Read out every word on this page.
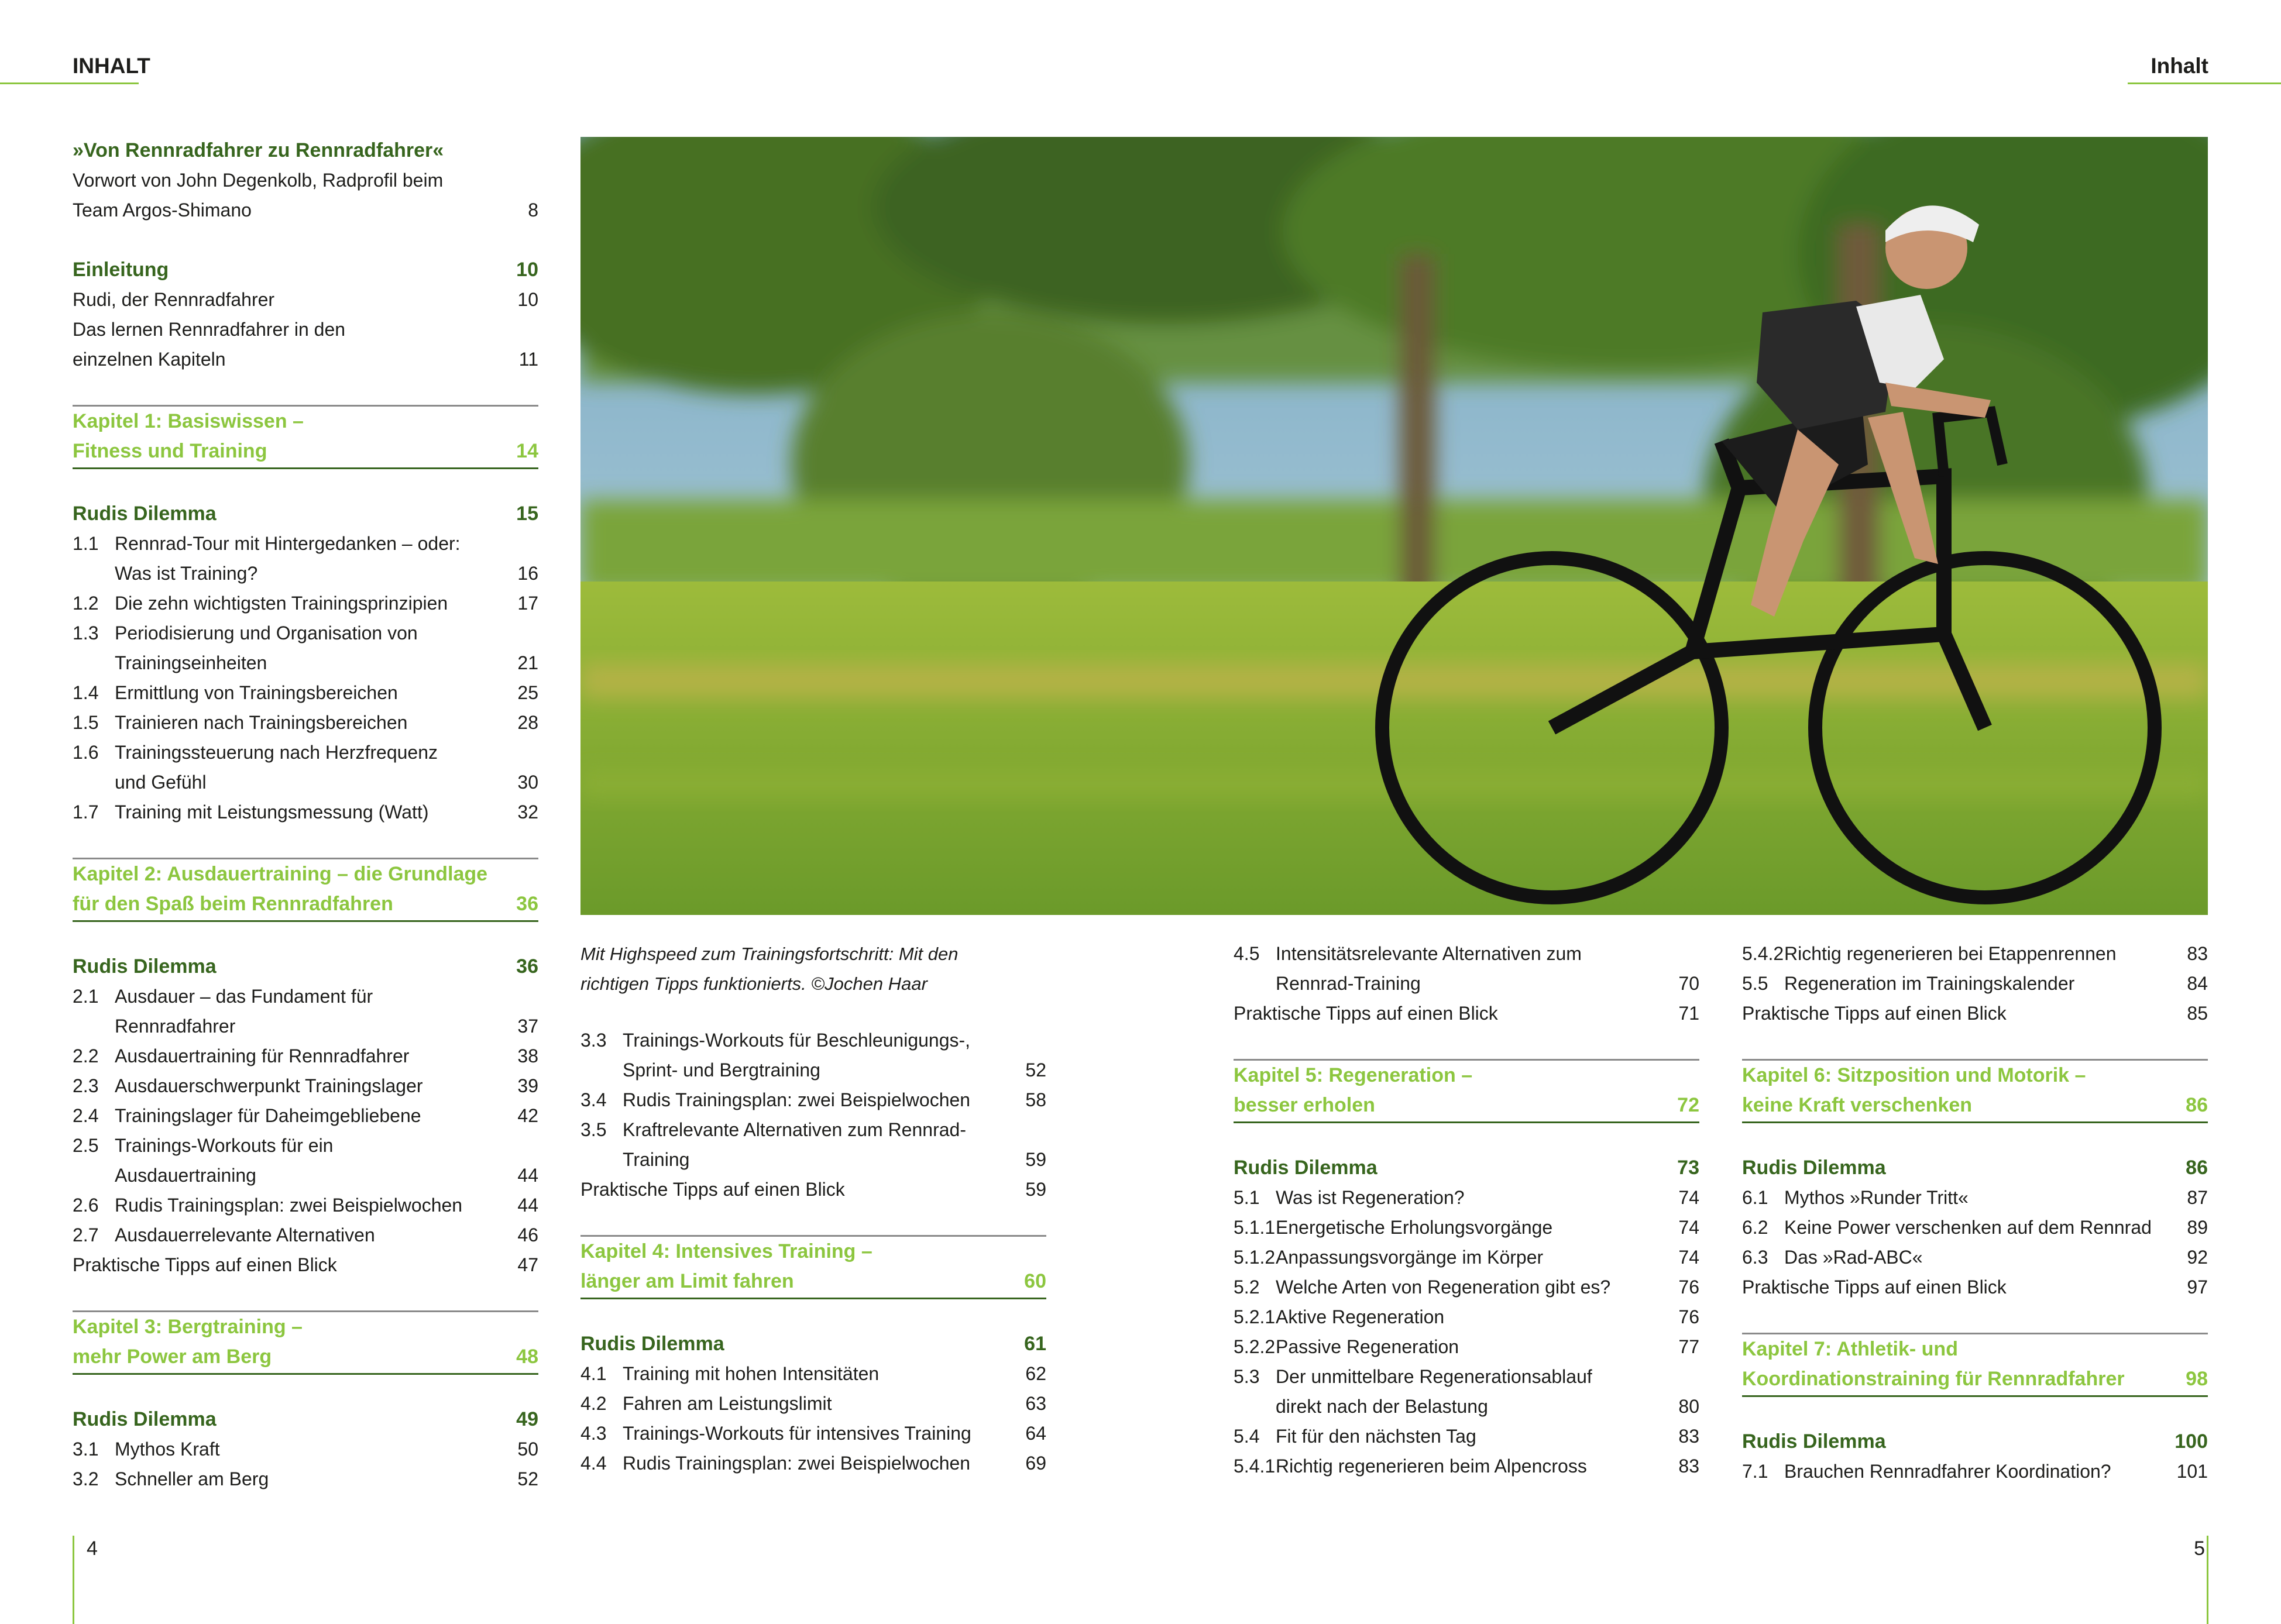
INHALT	Inhalt
»Von Rennradfahrer zu Rennradfahrer«
Vorwort von John Degenkolb, Radprofil beim
Team Argos-Shimano	8
Einleitung	10
Rudi, der Rennradfahrer	10
Das lernen Rennradfahrer in den
einzelnen Kapiteln	11
Kapitel 1: Basiswissen –
Fitness und Training	14
Rudis Dilemma	15
1.1 Rennrad-Tour mit Hintergedanken – oder:
Was ist Training?	16
1.2 Die zehn wichtigsten Trainingsprinzipien	17
1.3 Periodisierung und Organisation von
Trainingseinheiten	21
1.4 Ermittlung von Trainingsbereichen	25
1.5 Trainieren nach Trainingsbereichen	28
1.6 Trainingssteuerung nach Herzfrequenz
und Gefühl	30
1.7 Training mit Leistungsmessung (Watt)	32
Kapitel 2: Ausdauertraining – die Grundlage
für den Spaß beim Rennradfahren	36
Rudis Dilemma	36
2.1 Ausdauer – das Fundament für
Rennradfahrer	37
2.2 Ausdauertraining für Rennradfahrer	38
2.3 Ausdauerschwerpunkt Trainingslager	39
2.4 Trainingslager für Daheimgebliebene	42
2.5 Trainings-Workouts für ein
Ausdauertraining	44
2.6 Rudis Trainingsplan: zwei Beispielwochen	44
2.7 Ausdauerrelevante Alternativen	46
Praktische Tipps auf einen Blick	47
Kapitel 3: Bergtraining –
mehr Power am Berg	48
Rudis Dilemma	49
3.1 Mythos Kraft	50
3.2 Schneller am Berg	52
Mit Highspeed zum Trainingsfortschritt: Mit den
richtigen Tipps funktionierts. ©Jochen Haar
3.3 Trainings-Workouts für Beschleunigungs-,
Sprint- und Bergtraining	52
3.4 Rudis Trainingsplan: zwei Beispielwochen	58
3.5 Kraftrelevante Alternativen zum Rennrad-
Training	59
Praktische Tipps auf einen Blick	59
Kapitel 4: Intensives Training –
länger am Limit fahren	60
Rudis Dilemma	61
4.1 Training mit hohen Intensitäten	62
4.2 Fahren am Leistungslimit	63
4.3 Trainings-Workouts für intensives Training	64
4.4 Rudis Trainingsplan: zwei Beispielwochen	69
4.5 Intensitätsrelevante Alternativen zum
Rennrad-Training	70
Praktische Tipps auf einen Blick	71
Kapitel 5: Regeneration –
besser erholen	72
Rudis Dilemma	73
5.1 Was ist Regeneration?	74
5.1.1 Energetische Erholungsvorgänge	74
5.1.2 Anpassungsvorgänge im Körper	74
5.2 Welche Arten von Regeneration gibt es?	76
5.2.1 Aktive Regeneration	76
5.2.2 Passive Regeneration	77
5.3 Der unmittelbare Regenerationsablauf
direkt nach der Belastung	80
5.4 Fit für den nächsten Tag	83
5.4.1 Richtig regenerieren beim Alpencross	83
5.4.2 Richtig regenerieren bei Etappenrennen	83
5.5 Regeneration im Trainingskalender	84
Praktische Tipps auf einen Blick	85
Kapitel 6: Sitzposition und Motorik –
keine Kraft verschenken	86
Rudis Dilemma	86
6.1 Mythos »Runder Tritt«	87
6.2 Keine Power verschenken auf dem Rennrad	89
6.3 Das »Rad-ABC«	92
Praktische Tipps auf einen Blick	97
Kapitel 7: Athletik- und
Koordinationstraining für Rennradfahrer	98
Rudis Dilemma	100
7.1 Brauchen Rennradfahrer Koordination?	101
4	5
